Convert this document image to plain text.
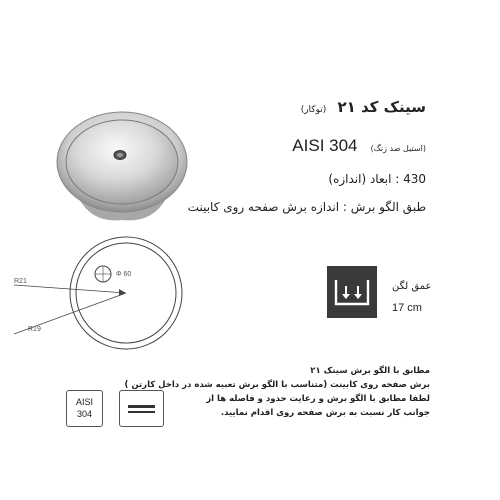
Φ 60
R21
R19
سینک کد ۲۱ (توکار)
AISI 304 (استیل ضد زنگ)
430 : ابعاد (اندازه)
طبق الگو برش : اندازه برش صفحه روی کابینت
عمق لگن
17 cm
مطابق با الگو برش سینک ۲۱
برش صفحه روی کابینت (متناسب با الگو برش تعبیه شده در داخل کارتن )
لطفا مطابق با الگو برش و رعایت حدود و فاصله ها از
جوانب کار نسبت به برش صفحه روی اقدام نمایید.
AISI
304
